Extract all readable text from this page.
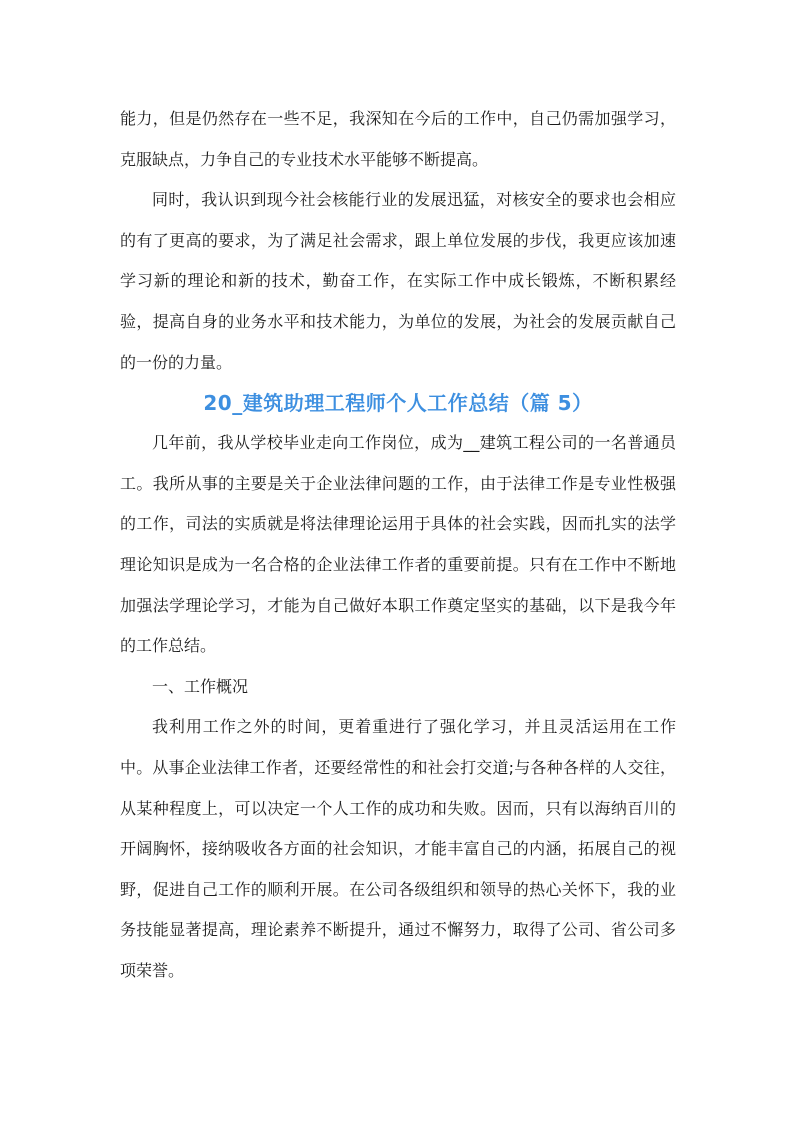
能力，但是仍然存在一些不足，我深知在今后的工作中，自己仍需加强学习，克服缺点，力争自己的专业技术水平能够不断提高。

同时，我认识到现今社会核能行业的发展迅猛，对核安全的要求也会相应的有了更高的要求，为了满足社会需求，跟上单位发展的步伐，我更应该加速学习新的理论和新的技术，勤奋工作，在实际工作中成长锻炼，不断积累经验，提高自身的业务水平和技术能力，为单位的发展，为社会的发展贡献自己的一份的力量。

20_建筑助理工程师个人工作总结（篇 5）

几年前，我从学校毕业走向工作岗位，成为__建筑工程公司的一名普通员工。我所从事的主要是关于企业法律问题的工作，由于法律工作是专业性极强的工作，司法的实质就是将法律理论运用于具体的社会实践，因而扎实的法学理论知识是成为一名合格的企业法律工作者的重要前提。只有在工作中不断地加强法学理论学习，才能为自己做好本职工作奠定坚实的基础，以下是我今年的工作总结。

一、工作概况

我利用工作之外的时间，更着重进行了强化学习，并且灵活运用在工作中。从事企业法律工作者，还要经常性的和社会打交道;与各种各样的人交往，从某种程度上，可以决定一个人工作的成功和失败。因而，只有以海纳百川的开阔胸怀，接纳吸收各方面的社会知识，才能丰富自己的内涵，拓展自己的视野，促进自己工作的顺利开展。在公司各级组织和领导的热心关怀下，我的业务技能显著提高，理论素养不断提升，通过不懈努力，取得了公司、省公司多项荣誉。
